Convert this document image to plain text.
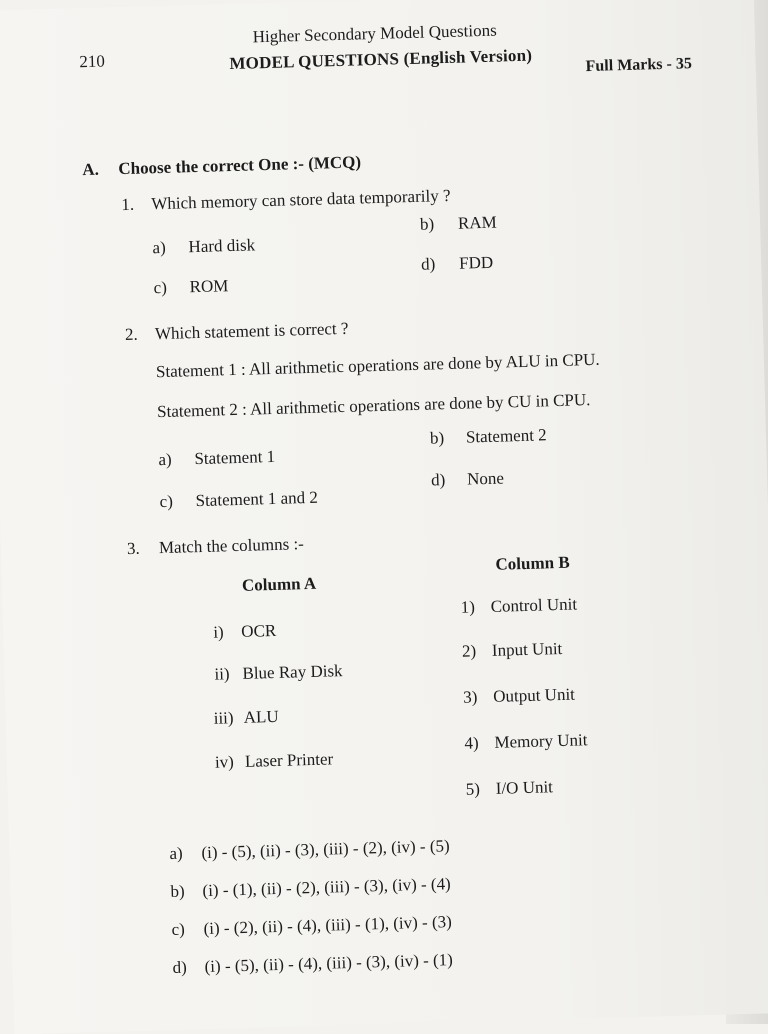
210
Higher Secondary Model Questions
MODEL QUESTIONS (English Version)	Full Marks - 35
A. Choose the correct One :- (MCQ)
1. Which memory can store data temporarily ?
a) Hard disk
b) RAM
c) ROM
d) FDD
2. Which statement is correct ?
Statement 1 : All arithmetic operations are done by ALU in CPU.
Statement 2 : All arithmetic operations are done by CU in CPU.
a) Statement 1
b) Statement 2
c) Statement 1 and 2
d) None
3. Match the columns :-
Column A
Column B
i) OCR
ii) Blue Ray Disk
iii) ALU
iv) Laser Printer
1) Control Unit
2) Input Unit
3) Output Unit
4) Memory Unit
5) I/O Unit
a) (i) - (5), (ii) - (3), (iii) - (2), (iv) - (5)
b) (i) - (1), (ii) - (2), (iii) - (3), (iv) - (4)
c) (i) - (2), (ii) - (4), (iii) - (1), (iv) - (3)
d) (i) - (5), (ii) - (4), (iii) - (3), (iv) - (1)
